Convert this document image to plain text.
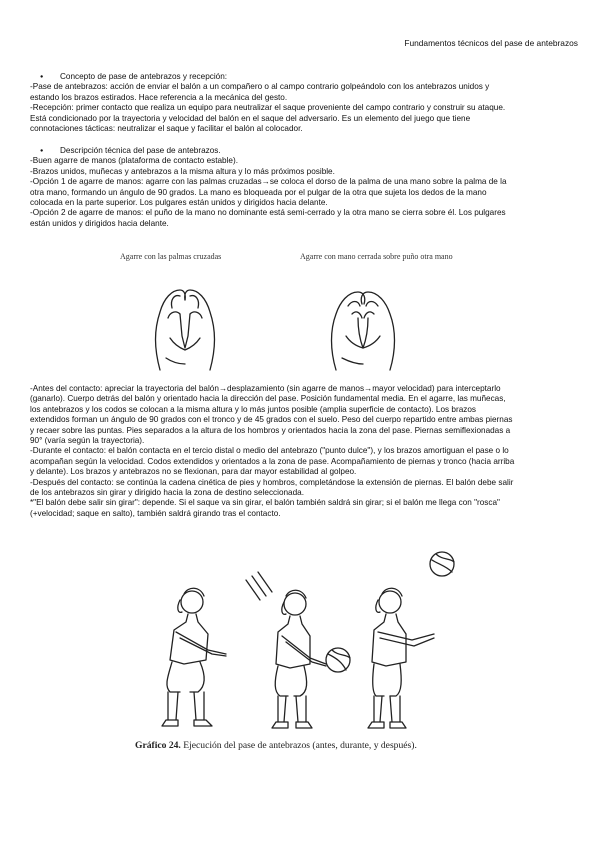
Fundamentos técnicos del pase de antebrazos
● Concepto de pase de antebrazos y recepción:

-Pase de antebrazos: acción de enviar el balón a un compañero o al campo contrario golpeándolo con los antebrazos unidos y

estando los brazos estirados. Hace referencia a la mecánica del gesto.

-Recepción: primer contacto que realiza un equipo para neutralizar el saque proveniente del campo contrario y construir su ataque.

Está condicionado por la trayectoria y velocidad del balón en el saque del adversario. Es un elemento del juego que tiene

connotaciones tácticas: neutralizar el saque y facilitar el balón al colocador.

● Descripción técnica del pase de antebrazos.

-Buen agarre de manos (plataforma de contacto estable).

-Brazos unidos, muñecas y antebrazos a la misma altura y lo más próximos posible.

-Opción 1 de agarre de manos: agarre con las palmas cruzadas→se coloca el dorso de la palma de una mano sobre la palma de la

otra mano, formando un ángulo de 90 grados. La mano es bloqueada por el pulgar de la otra que sujeta los dedos de la mano

colocada en la parte superior. Los pulgares están unidos y dirigidos hacia delante.

-Opción 2 de agarre de manos: el puño de la mano no dominante está semi-cerrado y la otra mano se cierra sobre él. Los pulgares

están unidos y dirigidos hacia delante.

Agarre con las palmas cruzadas	Agarre con mano cerrada sobre puño otra mano

-Antes del contacto: apreciar la trayectoria del balón→desplazamiento (sin agarre de manos→mayor velocidad) para interceptarlo

(ganarlo). Cuerpo detrás del balón y orientado hacia la dirección del pase. Posición fundamental media. En el agarre, las muñecas,

los antebrazos y los codos se colocan a la misma altura y lo más juntos posible (amplia superficie de contacto). Los brazos

extendidos forman un ángulo de 90 grados con el tronco y de 45 grados con el suelo. Peso del cuerpo repartido entre ambas piernas

y recaer sobre las puntas. Pies separados a la altura de los hombros y orientados hacia la zona del pase. Piernas semiflexionadas a

90° (varía según la trayectoria).

-Durante el contacto: el balón contacta en el tercio distal o medio del antebrazo ("punto dulce"), y los brazos amortiguan el pase o lo

acompañan según la velocidad. Codos extendidos y orientados a la zona de pase. Acompañamiento de piernas y tronco (hacia arriba

y delante). Los brazos y antebrazos no se flexionan, para dar mayor estabilidad al golpeo.

-Después del contacto: se continúa la cadena cinética de pies y hombros, completándose la extensión de piernas. El balón debe salir

de los antebrazos sin girar y dirigido hacia la zona de destino seleccionada.

*"El balón debe salir sin girar": depende. Si el saque va sin girar, el balón también saldrá sin girar; si el balón me llega con "rosca"

(+velocidad; saque en salto), también saldrá girando tras el contacto.

Gráfico 24. Ejecución del pase de antebrazos (antes, durante, y después).
